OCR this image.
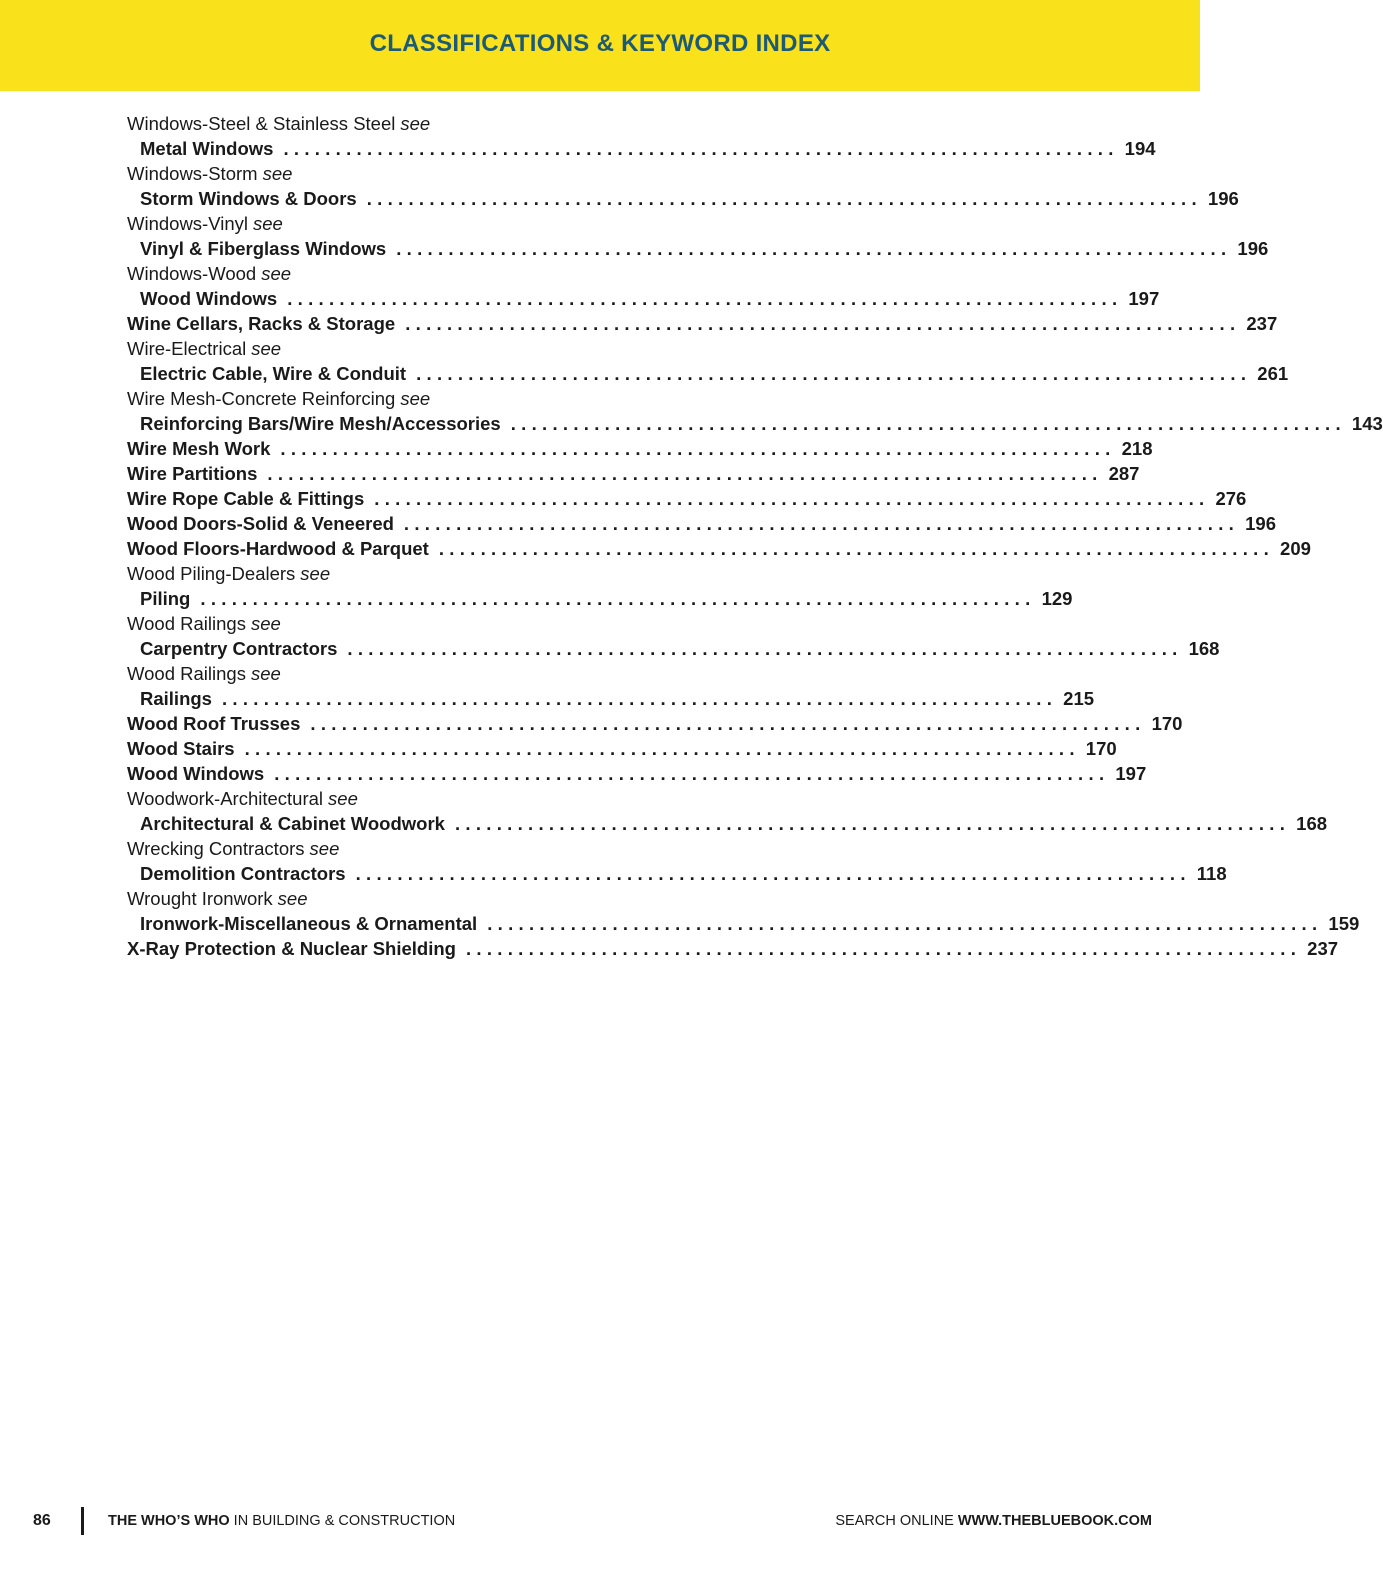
CLASSIFICATIONS & KEYWORD INDEX
Windows-Steel & Stainless Steel see
Metal Windows ................................................................................ 194
Windows-Storm see
Storm Windows & Doors ................................................................................ 196
Windows-Vinyl see
Vinyl & Fiberglass Windows ................................................................................ 196
Windows-Wood see
Wood Windows ................................................................................ 197
Wine Cellars, Racks & Storage ................................................................................ 237
Wire-Electrical see
Electric Cable, Wire & Conduit ................................................................................ 261
Wire Mesh-Concrete Reinforcing see
Reinforcing Bars/Wire Mesh/Accessories ................................................................................ 143
Wire Mesh Work ................................................................................ 218
Wire Partitions ................................................................................ 287
Wire Rope Cable & Fittings ................................................................................ 276
Wood Doors-Solid & Veneered ................................................................................ 196
Wood Floors-Hardwood & Parquet ................................................................................ 209
Wood Piling-Dealers see
Piling ................................................................................ 129
Wood Railings see
Carpentry Contractors ................................................................................ 168
Wood Railings see
Railings ................................................................................ 215
Wood Roof Trusses ................................................................................ 170
Wood Stairs ................................................................................ 170
Wood Windows ................................................................................ 197
Woodwork-Architectural see
Architectural & Cabinet Woodwork ................................................................................ 168
Wrecking Contractors see
Demolition Contractors ................................................................................ 118
Wrought Ironwork see
Ironwork-Miscellaneous & Ornamental ................................................................................ 159
X-Ray Protection & Nuclear Shielding ................................................................................ 237
86	THE WHO’S WHO IN BUILDING & CONSTRUCTION	SEARCH ONLINE WWW.THEBLUEBOOK.COM
